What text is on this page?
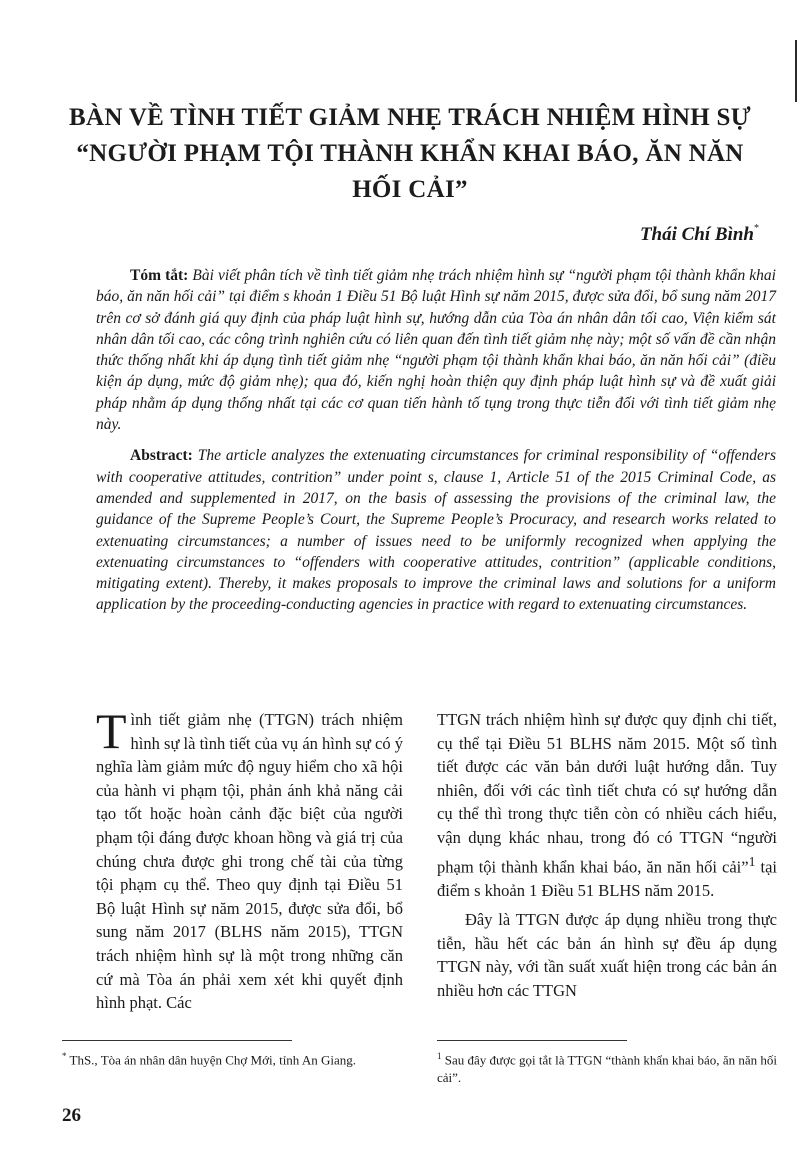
BÀN VỀ TÌNH TIẾT GIẢM NHẸ TRÁCH NHIỆM HÌNH SỰ
“NGƯỜI PHẠM TỘI THÀNH KHẨN KHAI BÁO, ĂN NĂN
HỐI CẢI”
Thái Chí Bình*

Tóm tắt: Bài viết phân tích về tình tiết giảm nhẹ trách nhiệm hình sự “người phạm tội thành khẩn khai báo, ăn năn hối cải” tại điểm s khoản 1 Điều 51 Bộ luật Hình sự năm 2015, được sửa đổi, bổ sung năm 2017 trên cơ sở đánh giá quy định của pháp luật hình sự, hướng dẫn của Tòa án nhân dân tối cao, Viện kiểm sát nhân dân tối cao, các công trình nghiên cứu có liên quan đến tình tiết giảm nhẹ này; một số vấn đề cần nhận thức thống nhất khi áp dụng tình tiết giảm nhẹ “người phạm tội thành khẩn khai báo, ăn năn hối cải” (điều kiện áp dụng, mức độ giảm nhẹ); qua đó, kiến nghị hoàn thiện quy định pháp luật hình sự và đề xuất giải pháp nhằm áp dụng thống nhất tại các cơ quan tiến hành tố tụng trong thực tiễn đối với tình tiết giảm nhẹ này.

Abstract: The article analyzes the extenuating circumstances for criminal responsibility of “offenders with cooperative attitudes, contrition” under point s, clause 1, Article 51 of the 2015 Criminal Code, as amended and supplemented in 2017, on the basis of assessing the provisions of the criminal law, the guidance of the Supreme People’s Court, the Supreme People’s Procuracy, and research works related to extenuating circumstances; a number of issues need to be uniformly recognized when applying the extenuating circumstances to “offenders with cooperative attitudes, contrition” (applicable conditions, mitigating extent). Thereby, it makes proposals to improve the criminal laws and solutions for a uniform application by the proceeding-conducting agencies in practice with regard to extenuating circumstances.

Tình tiết giảm nhẹ (TTGN) trách nhiệm hình sự là tình tiết của vụ án hình sự có ý nghĩa làm giảm mức độ nguy hiểm cho xã hội của hành vi phạm tội, phản ánh khả năng cải tạo tốt hoặc hoàn cảnh đặc biệt của người phạm tội đáng được khoan hồng và giá trị của chúng chưa được ghi trong chế tài của từng tội phạm cụ thể. Theo quy định tại Điều 51 Bộ luật Hình sự năm 2015, được sửa đổi, bổ sung năm 2017 (BLHS năm 2015), TTGN trách nhiệm hình sự là một trong những căn cứ mà Tòa án phải xem xét khi quyết định hình phạt. Các

TTGN trách nhiệm hình sự được quy định chi tiết, cụ thể tại Điều 51 BLHS năm 2015. Một số tình tiết được các văn bản dưới luật hướng dẫn. Tuy nhiên, đối với các tình tiết chưa có sự hướng dẫn cụ thể thì trong thực tiễn còn có nhiều cách hiểu, vận dụng khác nhau, trong đó có TTGN “người phạm tội thành khẩn khai báo, ăn năn hối cải”$^1$ tại điểm s khoản 1 Điều 51 BLHS năm 2015.

Đây là TTGN được áp dụng nhiều trong thực tiễn, hầu hết các bản án hình sự đều áp dụng TTGN này, với tần suất xuất hiện trong các bản án nhiều hơn các TTGN

* ThS., Tòa án nhân dân huyện Chợ Mới, tỉnh An Giang.	$^1$ Sau đây được gọi tắt là TTGN “thành khẩn khai báo, ăn năn hối cải”.
26
